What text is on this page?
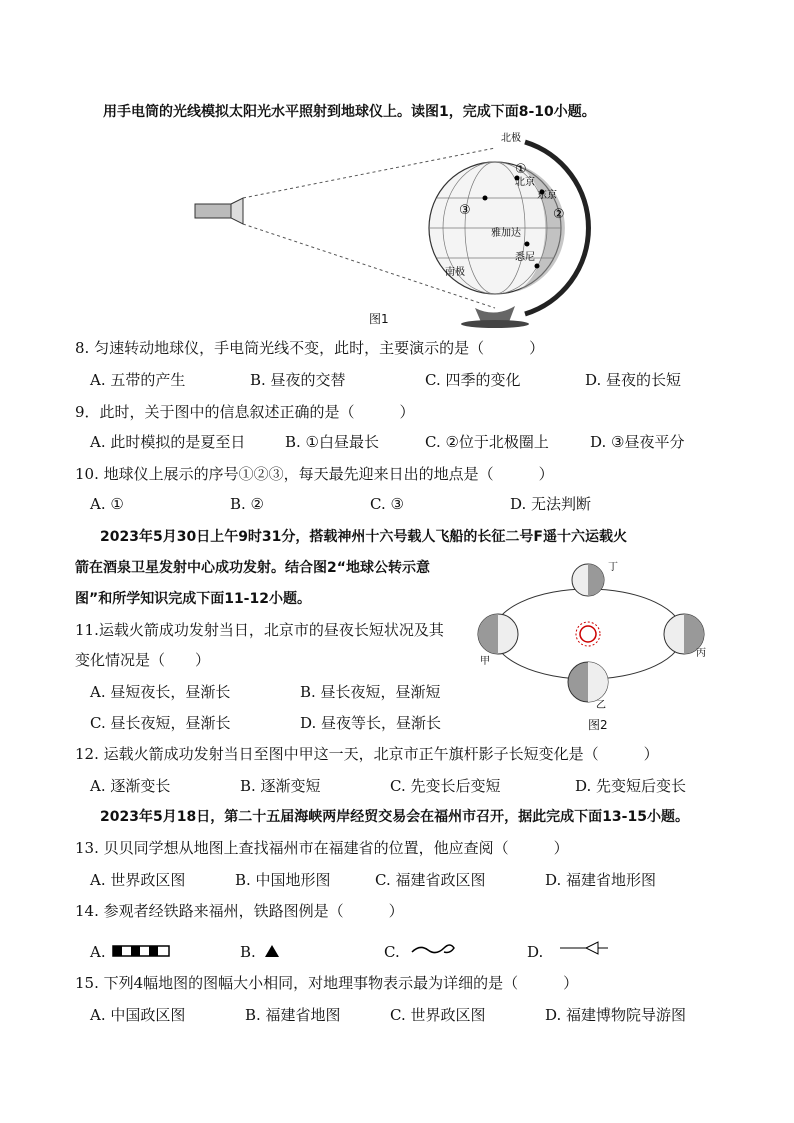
用手电筒的光线模拟太阳光水平照射到地球仪上。读图1，完成下面8-10小题。
北极
南极
北京
东京
雅加达
悉尼
①
②
③
图1
8. 匀速转动地球仪，手电筒光线不变，此时，主要演示的是（　　　）
A. 五带的产生	B. 昼夜的交替	C. 四季的变化	D. 昼夜的长短
9．此时，关于图中的信息叙述正确的是（　　　）
A. 此时模拟的是夏至日	B. ①白昼最长	C. ②位于北极圈上	D. ③昼夜平分
10. 地球仪上展示的序号①②③，每天最先迎来日出的地点是（　　　）
A. ①	B. ②	C. ③	D. 无法判断
2023年5月30日上午9时31分，搭载神州十六号载人飞船的长征二号F遥十六运载火
箭在酒泉卫星发射中心成功发射。结合图2“地球公转示意
图”和所学知识完成下面11-12小题。
甲
丙
丁
乙
图2
11.运载火箭成功发射当日，北京市的昼夜长短状况及其
变化情况是（　　）
A. 昼短夜长，昼渐长	B. 昼长夜短，昼渐短
C. 昼长夜短，昼渐长	D. 昼夜等长，昼渐长
12. 运载火箭成功发射当日至图中甲这一天，北京市正午旗杆影子长短变化是（　　　）
A. 逐渐变长	B. 逐渐变短	C. 先变长后变短	D. 先变短后变长
2023年5月18日，第二十五届海峡两岸经贸交易会在福州市召开，据此完成下面13-15小题。
13. 贝贝同学想从地图上查找福州市在福建省的位置，他应查阅（　　　）
A. 世界政区图	B. 中国地形图	C. 福建省政区图	D. 福建省地形图
14. 参观者经铁路来福州，铁路图例是（　　　）
A.	B.	C.	D.
15. 下列4幅地图的图幅大小相同，对地理事物表示最为详细的是（　　　）
A. 中国政区图	B. 福建省地图	C. 世界政区图	D. 福建博物院导游图
